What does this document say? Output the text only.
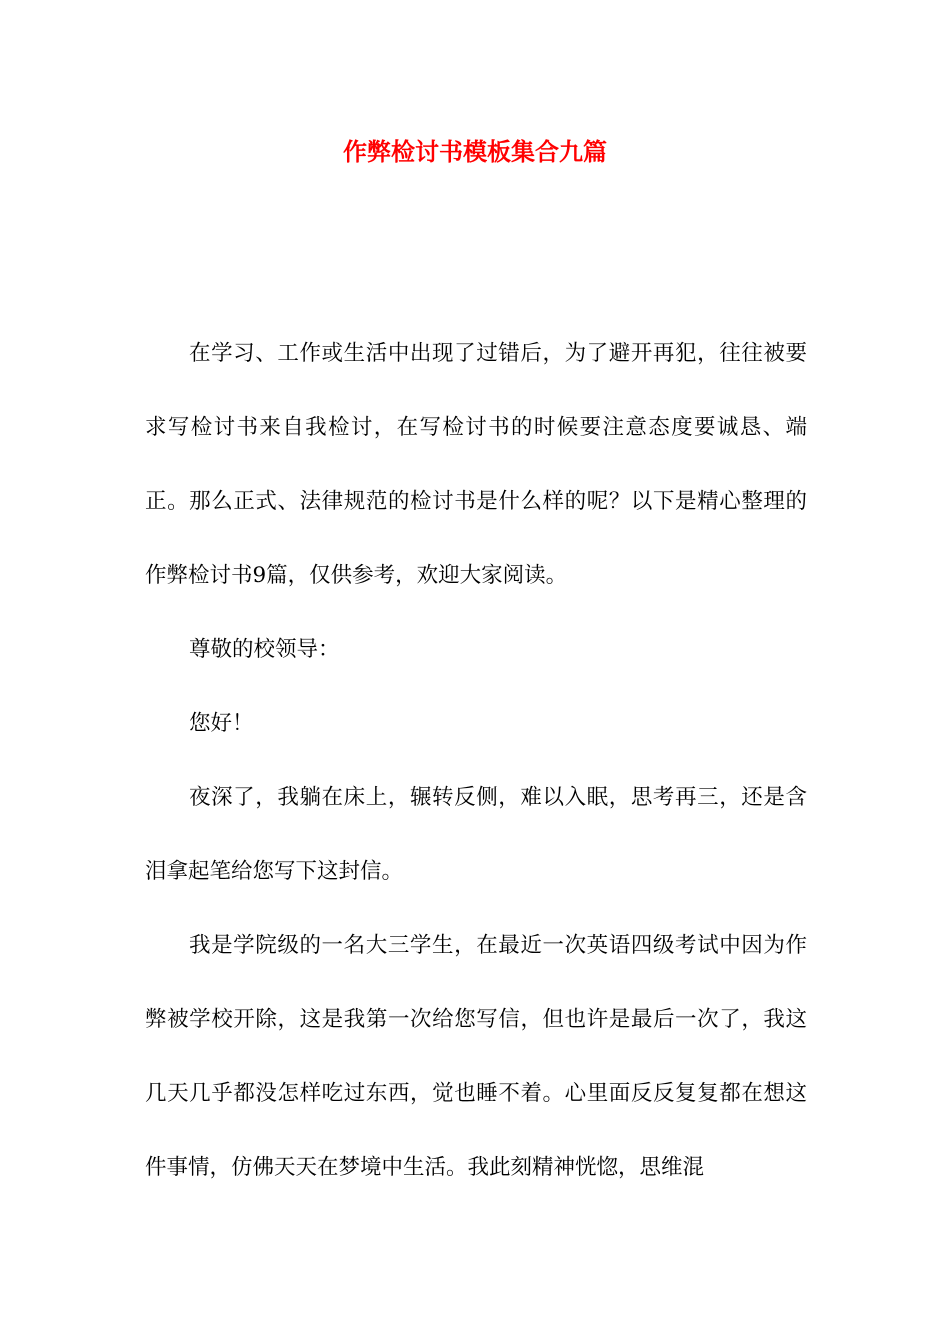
作弊检讨书模板集合九篇

在学习、工作或生活中出现了过错后，为了避开再犯，往往被要求写检讨书来自我检讨，在写检讨书的时候要注意态度要诚恳、端正。那么正式、法律规范的检讨书是什么样的呢？以下是精心整理的作弊检讨书9篇，仅供参考，欢迎大家阅读。

尊敬的校领导：

您好！

夜深了，我躺在床上，辗转反侧，难以入眠，思考再三，还是含泪拿起笔给您写下这封信。

我是学院级的一名大三学生，在最近一次英语四级考试中因为作弊被学校开除，这是我第一次给您写信，但也许是最后一次了，我这几天几乎都没怎样吃过东西，觉也睡不着。心里面反反复复都在想这件事情，仿佛天天在梦境中生活。我此刻精神恍惚，思维混
